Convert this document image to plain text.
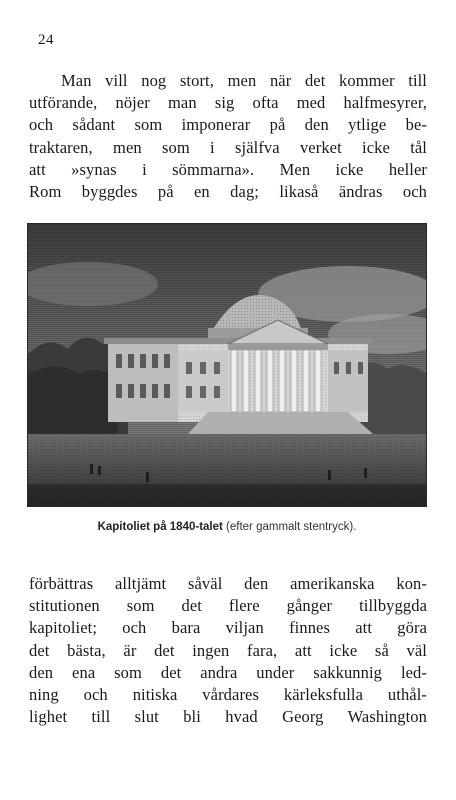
24
Man vill nog stort, men när det kommer till
utförande, nöjer man sig ofta med halfmesyrer,
och sådant som imponerar på den ytlige be-
traktaren, men som i själfva verket icke tål
att »synas i sömmarna». Men icke heller
Rom byggdes på en dag; likaså ändras och
Kapitoliet på 1840-talet (efter gammalt stentryck).
förbättras alltjämt såväl den amerikanska kon-
stitutionen som det flere gånger tillbyggda
kapitoliet; och bara viljan finnes att göra
det bästa, är det ingen fara, att icke så väl
den ena som det andra under sakkunnig led-
ning och nitiska vårdares kärleksfulla uthål-
lighet till slut bli hvad Georg Washington
